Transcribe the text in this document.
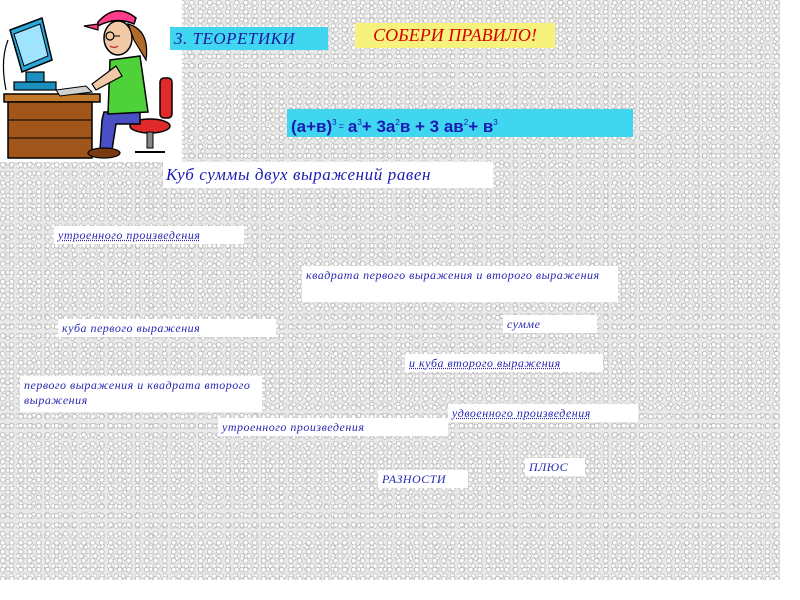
3. ТЕОРЕТИКИ	СОБЕРИ ПРАВИЛО!
$(а+в)^3 = а^3+ 3а^2в + 3$ $ав^2+ в^3$
Куб суммы двух выражений равен
утроенного произведения
квадрата первого выражения и второго выражения
куба первого выражения	сумме
и куба второго выражения
первого выражения и квадрата второго выражения
удвоенного произведения
утроенного произведения
ПЛЮС
РАЗНОСТИ
